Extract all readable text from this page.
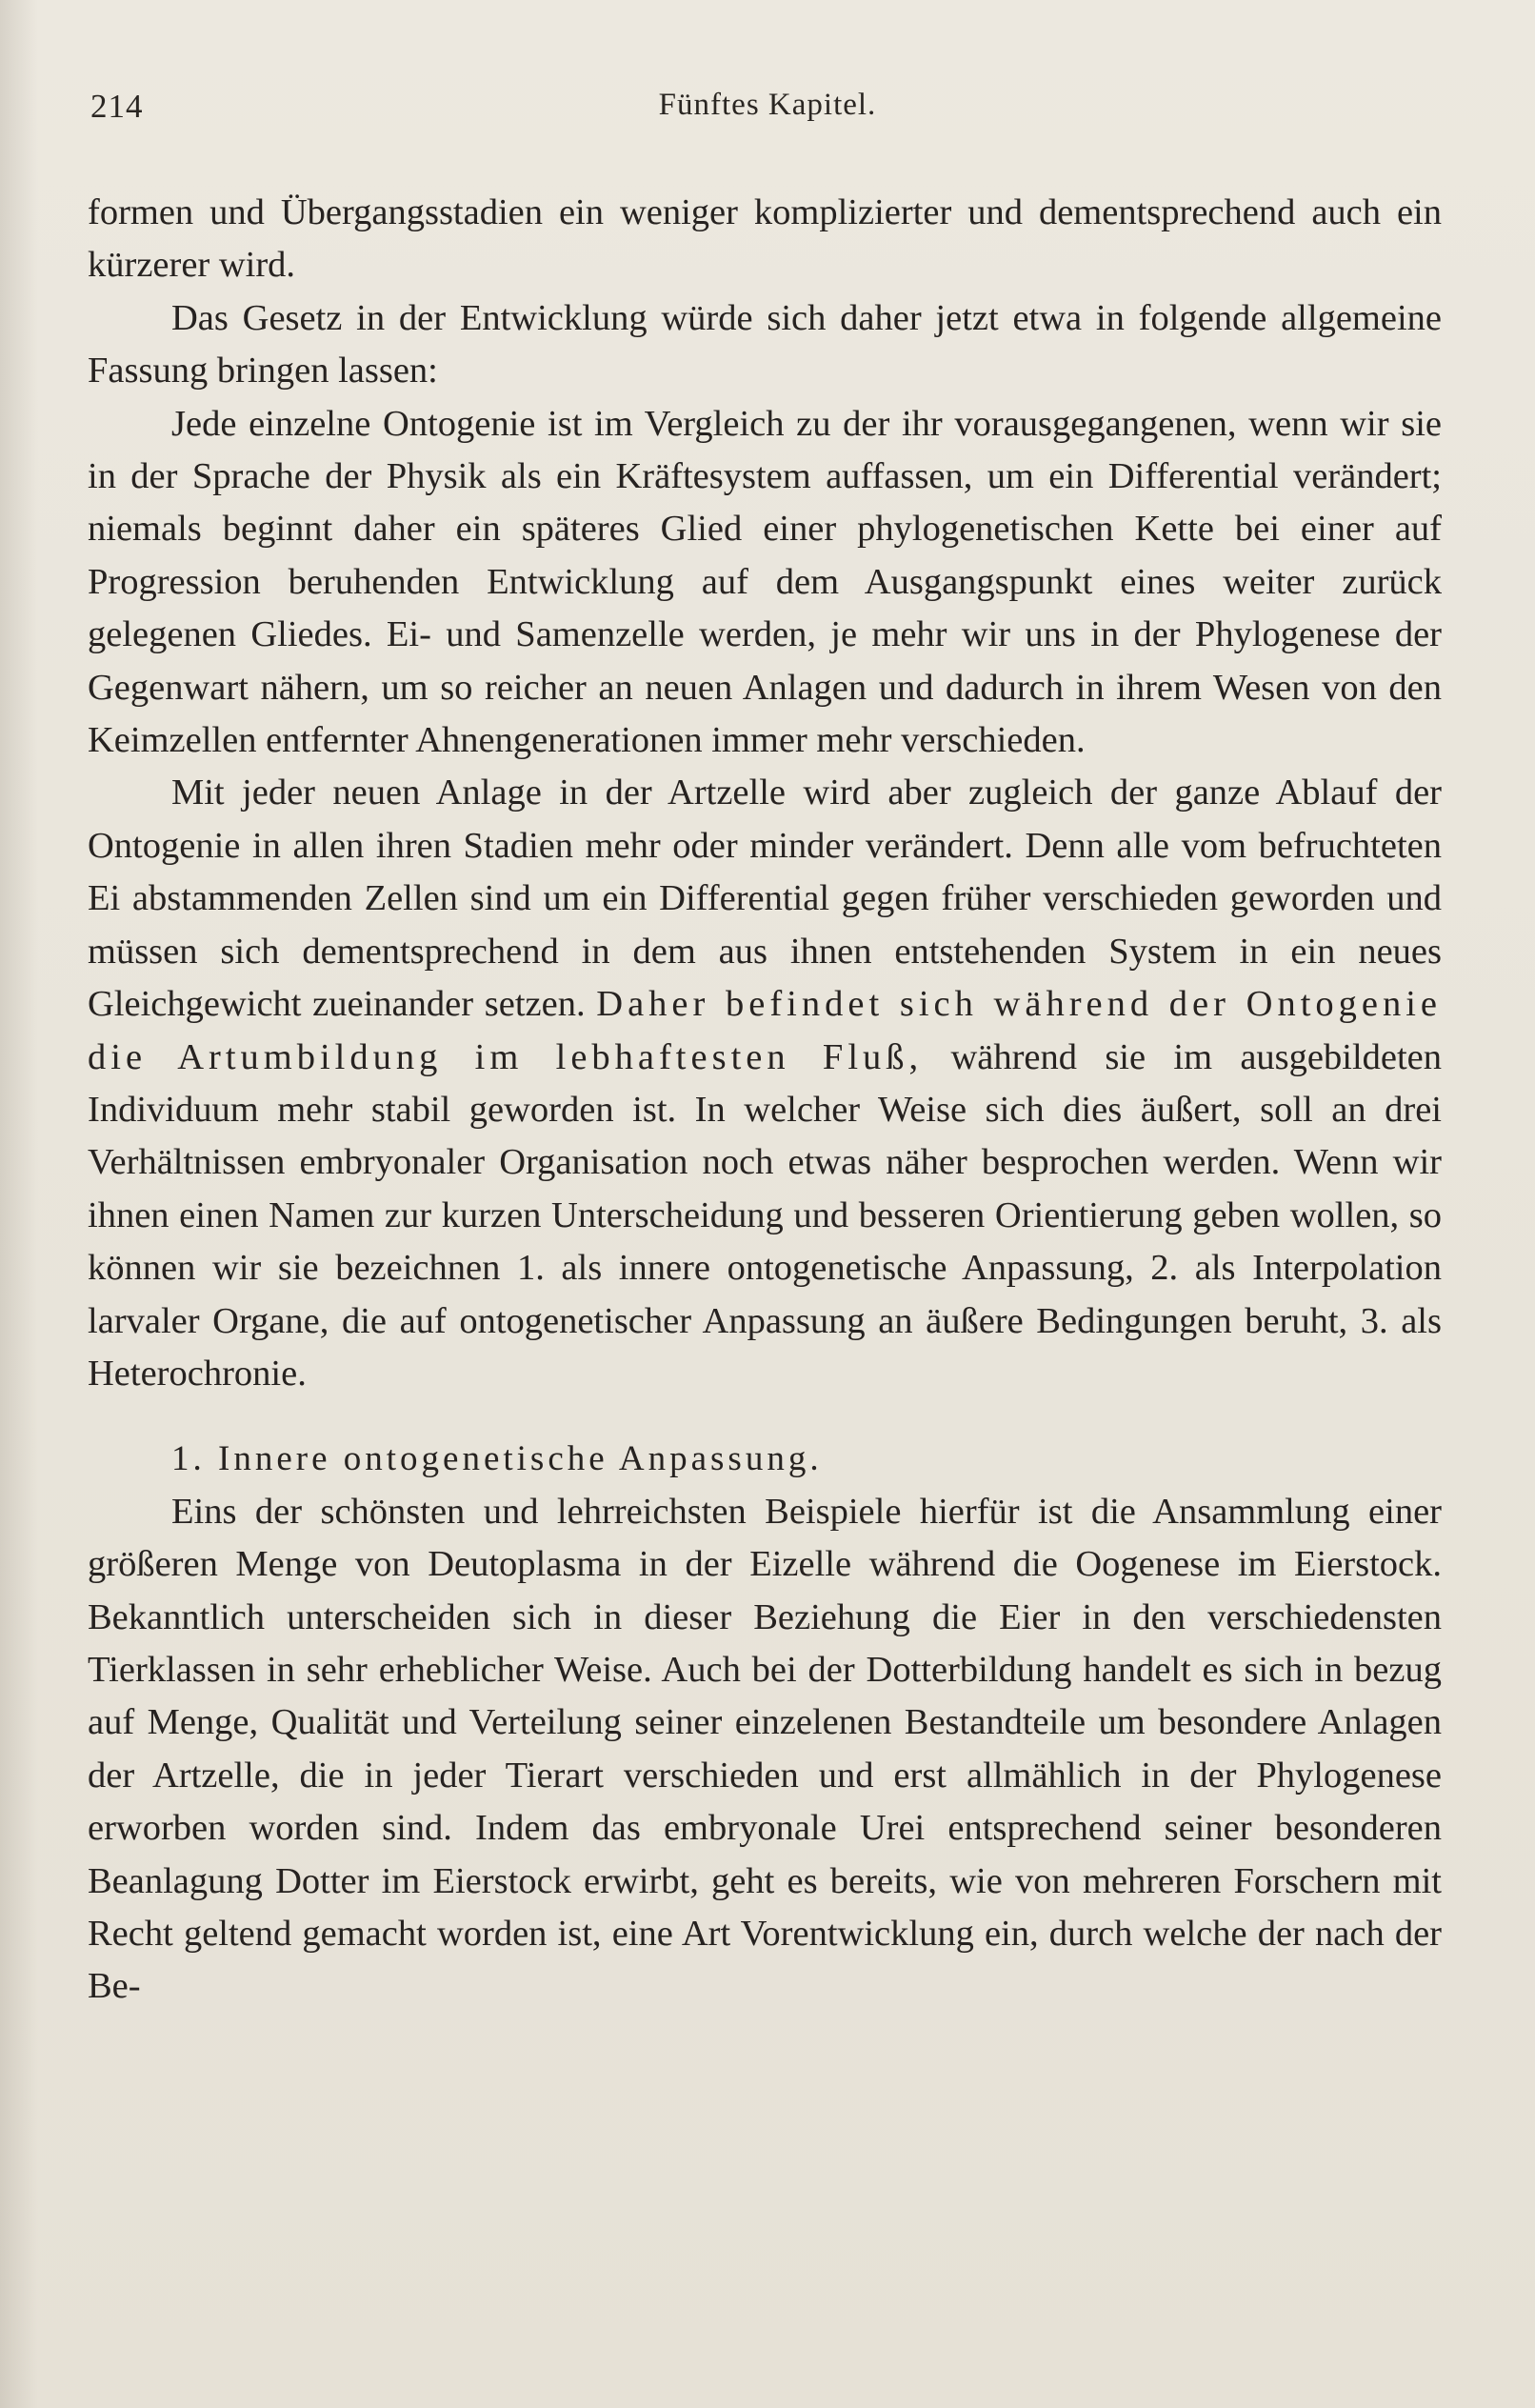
214	Fünftes Kapitel.

formen und Übergangsstadien ein weniger komplizierter und dementsprechend auch ein kürzerer wird.

Das Gesetz in der Entwicklung würde sich daher jetzt etwa in folgende allgemeine Fassung bringen lassen:

Jede einzelne Ontogenie ist im Vergleich zu der ihr vorausgegangenen, wenn wir sie in der Sprache der Physik als ein Kräftesystem auffassen, um ein Differential verändert; niemals beginnt daher ein späteres Glied einer phylogenetischen Kette bei einer auf Progression beruhenden Entwicklung auf dem Ausgangspunkt eines weiter zurück gelegenen Gliedes. Ei- und Samenzelle werden, je mehr wir uns in der Phylogenese der Gegenwart nähern, um so reicher an neuen Anlagen und dadurch in ihrem Wesen von den Keimzellen entfernter Ahnengenerationen immer mehr verschieden.

Mit jeder neuen Anlage in der Artzelle wird aber zugleich der ganze Ablauf der Ontogenie in allen ihren Stadien mehr oder minder verändert. Denn alle vom befruchteten Ei abstammenden Zellen sind um ein Differential gegen früher verschieden geworden und müssen sich dementsprechend in dem aus ihnen entstehenden System in ein neues Gleichgewicht zueinander setzen. Daher befindet sich während der Ontogenie die Artumbildung im lebhaftesten Fluß, während sie im ausgebildeten Individuum mehr stabil geworden ist. In welcher Weise sich dies äußert, soll an drei Verhältnissen embryonaler Organisation noch etwas näher besprochen werden. Wenn wir ihnen einen Namen zur kurzen Unterscheidung und besseren Orientierung geben wollen, so können wir sie bezeichnen 1. als innere ontogenetische Anpassung, 2. als Interpolation larvaler Organe, die auf ontogenetischer Anpassung an äußere Bedingungen beruht, 3. als Heterochronie.

1. Innere ontogenetische Anpassung.

Eins der schönsten und lehrreichsten Beispiele hierfür ist die Ansammlung einer größeren Menge von Deutoplasma in der Eizelle während die Oogenese im Eierstock. Bekanntlich unterscheiden sich in dieser Beziehung die Eier in den verschiedensten Tierklassen in sehr erheblicher Weise. Auch bei der Dotterbildung handelt es sich in bezug auf Menge, Qualität und Verteilung seiner einzelenen Bestandteile um besondere Anlagen der Artzelle, die in jeder Tierart verschieden und erst allmählich in der Phylogenese erworben worden sind. Indem das embryonale Urei entsprechend seiner besonderen Beanlagung Dotter im Eierstock erwirbt, geht es bereits, wie von mehreren Forschern mit Recht geltend gemacht worden ist, eine Art Vorentwicklung ein, durch welche der nach der Be-
